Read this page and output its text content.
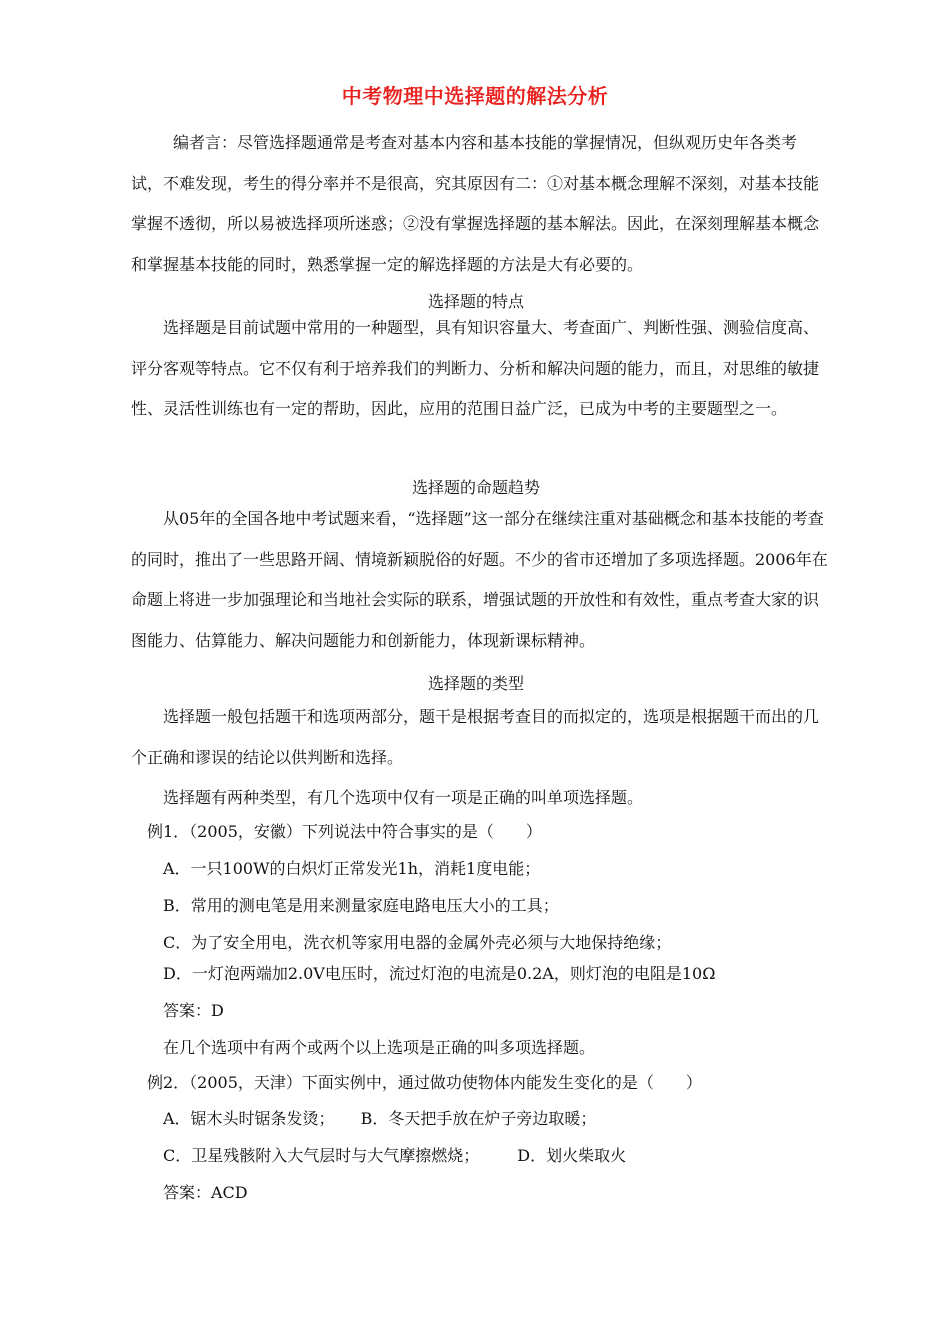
中考物理中选择题的解法分析

编者言：尽管选择题通常是考查对基本内容和基本技能的掌握情况，但纵观历史年各类考试，不难发现，考生的得分率并不是很高，究其原因有二：①对基本概念理解不深刻，对基本技能掌握不透彻，所以易被选择项所迷惑；②没有掌握选择题的基本解法。因此，在深刻理解基本概念和掌握基本技能的同时，熟悉掌握一定的解选择题的方法是大有必要的。

选择题的特点

选择题是目前试题中常用的一种题型，具有知识容量大、考查面广、判断性强、测验信度高、评分客观等特点。它不仅有利于培养我们的判断力、分析和解决问题的能力，而且，对思维的敏捷性、灵活性训练也有一定的帮助，因此，应用的范围日益广泛，已成为中考的主要题型之一。

选择题的命题趋势

从05年的全国各地中考试题来看，“选择题”这一部分在继续注重对基础概念和基本技能的考查的同时，推出了一些思路开阔、情境新颖脱俗的好题。不少的省市还增加了多项选择题。2006年在命题上将进一步加强理论和当地社会实际的联系，增强试题的开放性和有效性，重点考查大家的识图能力、估算能力、解决问题能力和创新能力，体现新课标精神。

选择题的类型

选择题一般包括题干和选项两部分，题干是根据考查目的而拟定的，选项是根据题干而出的几个正确和谬误的结论以供判断和选择。

选择题有两种类型，有几个选项中仅有一项是正确的叫单项选择题。
例1．（2005，安徽）下列说法中符合事实的是（　　）
A．一只100W的白炽灯正常发光1h，消耗1度电能；
B．常用的测电笔是用来测量家庭电路电压大小的工具；
C．为了安全用电，洗衣机等家用电器的金属外壳必须与大地保持绝缘；
D．一灯泡两端加2.0V电压时，流过灯泡的电流是0.2A，则灯泡的电阻是10Ω
答案：D
在几个选项中有两个或两个以上选项是正确的叫多项选择题。
例2．（2005，天津）下面实例中，通过做功使物体内能发生变化的是（　　）
A．锯木头时锯条发烫； B．冬天把手放在炉子旁边取暖；
C．卫星残骸附入大气层时与大气摩擦燃烧； D．划火柴取火
答案：ACD
